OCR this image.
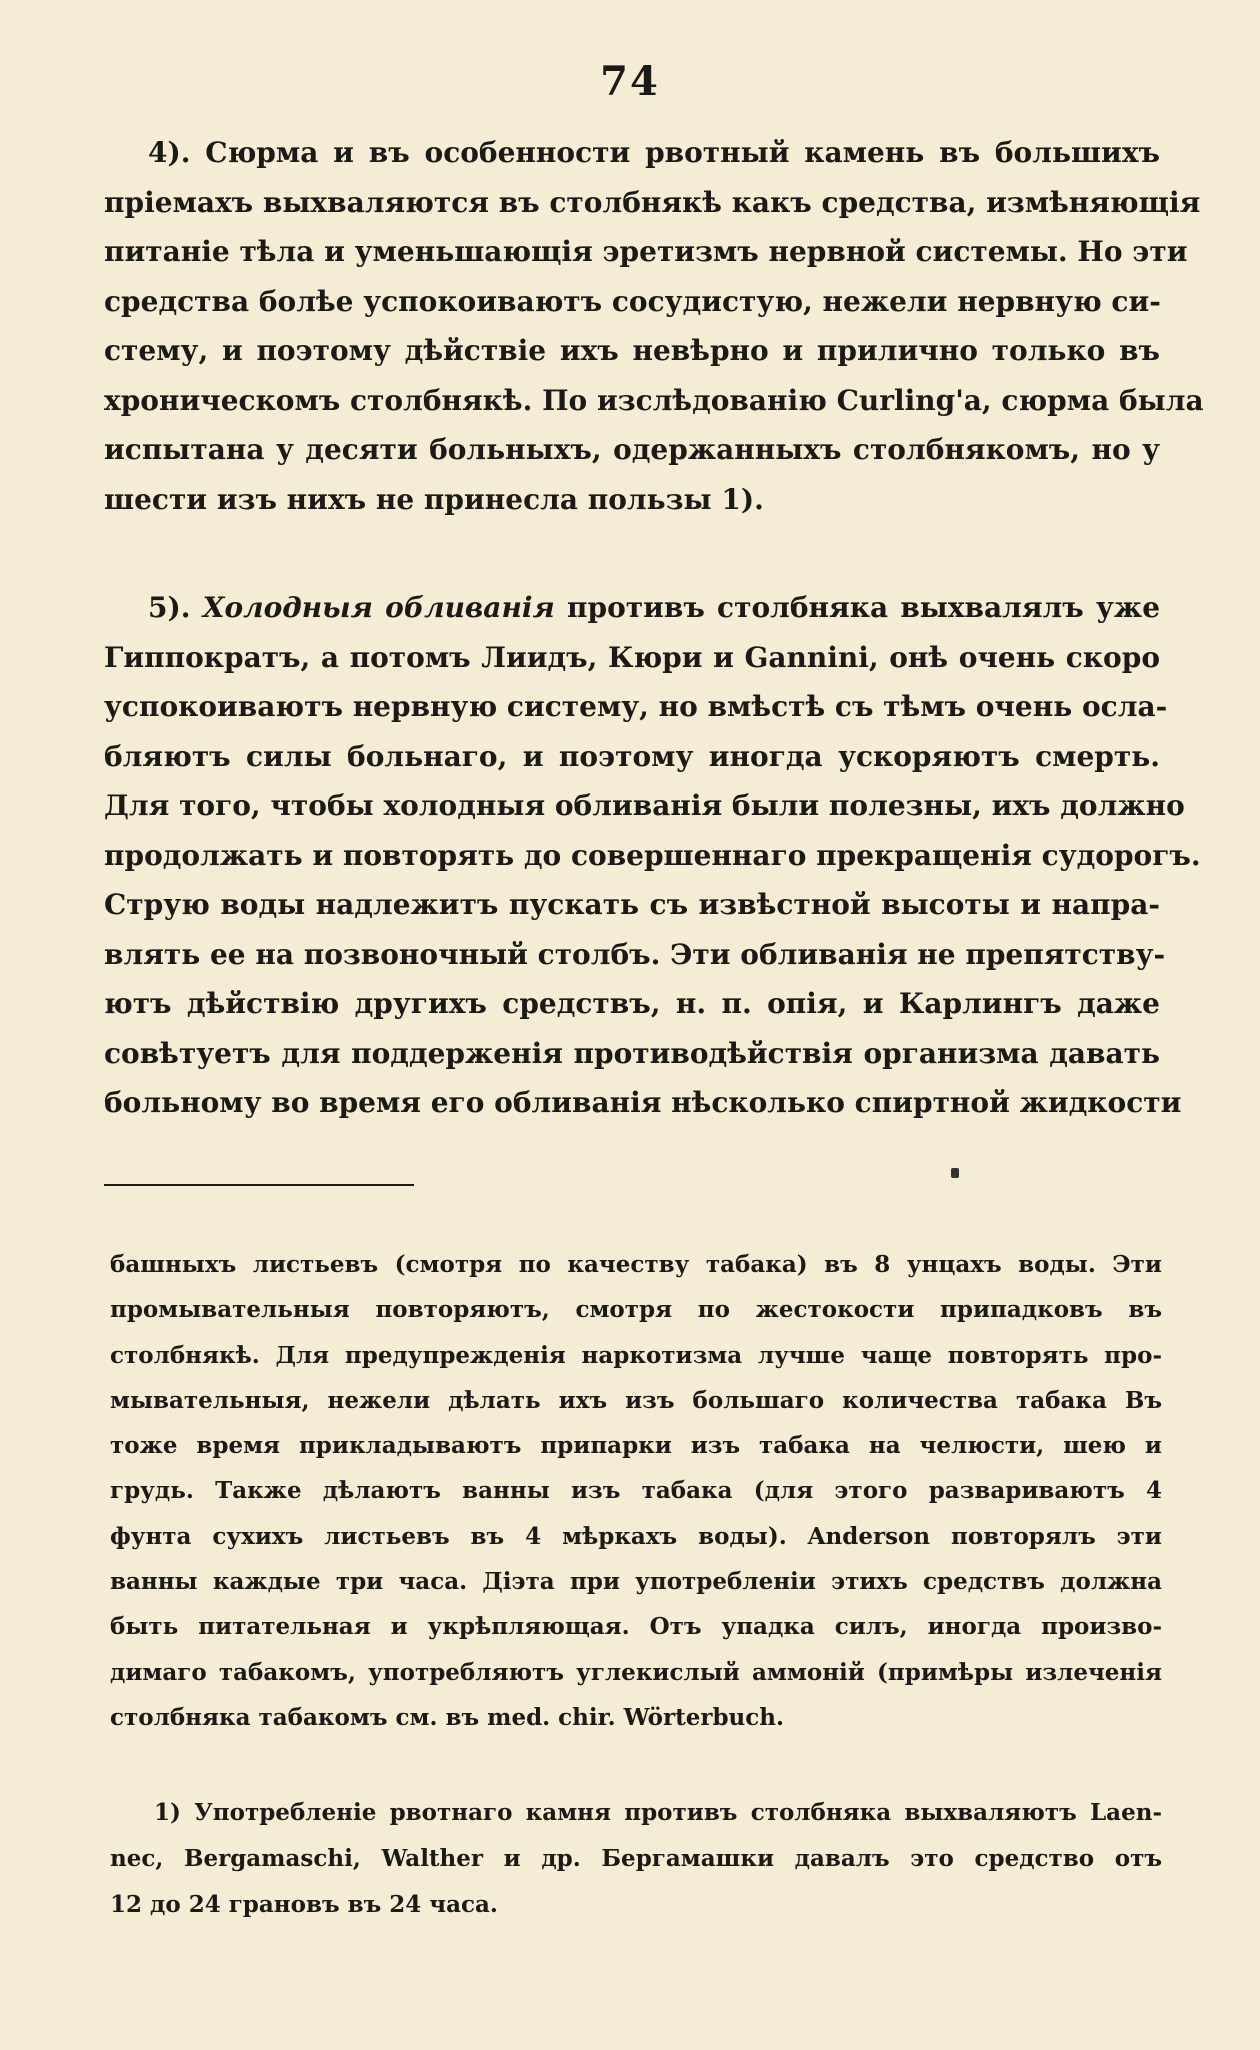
74

4). Сюрма и въ особенности рвотный камень въ большихъ
пріемахъ выхваляются въ столбнякѣ какъ средства, измѣняющія
питаніе тѣла и уменьшающія эретизмъ нервной системы. Но эти
средства болѣе успокоиваютъ сосудистую, нежели нервную си-
стему, и поэтому дѣйствіе ихъ невѣрно и прилично только въ
хроническомъ столбнякѣ. По изслѣдованію Curling'а, сюрма была
испытана у десяти больныхъ, одержанныхъ столбнякомъ, но у
шести изъ нихъ не принесла пользы 1).

5). Холодныя обливанія противъ столбняка выхвалялъ уже
Гиппократъ, а потомъ Лиидъ, Кюри и Gannini, онѣ очень скоро
успокоиваютъ нервную систему, но вмѣстѣ съ тѣмъ очень осла-
бляютъ силы больнаго, и поэтому иногда ускоряютъ смерть.
Для того, чтобы холодныя обливанія были полезны, ихъ должно
продолжать и повторять до совершеннаго прекращенія судорогъ.
Струю воды надлежитъ пускать съ извѣстной высоты и напра-
влять ее на позвоночный столбъ. Эти обливанія не препятству-
ютъ дѣйствію другихъ средствъ, н. п. опія, и Карлингъ даже
совѣтуетъ для поддерженія противодѣйствія организма давать
больному во время его обливанія нѣсколько спиртной жидкости

башныхъ листьевъ (смотря по качеству табака) въ 8 унцахъ воды. Эти
промывательныя повторяютъ, смотря по жестокости припадковъ въ
столбнякѣ. Для предупрежденія наркотизма лучше чаще повторять про-
мывательныя, нежели дѣлать ихъ изъ большаго количества табака Въ
тоже время прикладываютъ припарки изъ табака на челюсти, шею и
грудь. Также дѣлаютъ ванны изъ табака (для этого развариваютъ 4
фунта сухихъ листьевъ въ 4 мѣркахъ воды). Anderson повторялъ эти
ванны каждые три часа. Діэта при употребленіи этихъ средствъ должна
быть питательная и укрѣпляющая. Отъ упадка силъ, иногда произво-
димаго табакомъ, употребляютъ углекислый аммоній (примѣры излеченія
столбняка табакомъ см. въ med. chir. Wörterbuch.

1) Употребленіе рвотнаго камня противъ столбняка выхваляютъ Laen-
nec, Bergamaschi, Walther и др. Бергамашки давалъ это средство отъ
12 до 24 грановъ въ 24 часа.
